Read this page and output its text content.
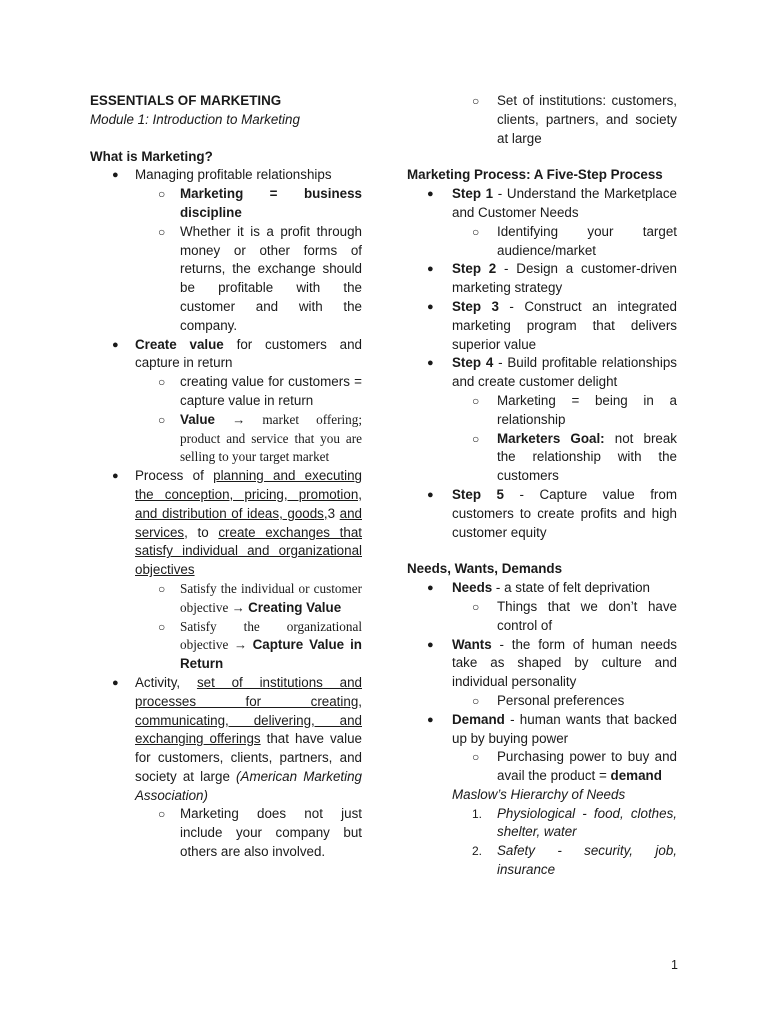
ESSENTIALS OF MARKETING
Module 1: Introduction to Marketing
What is Marketing?
● Managing profitable relationships
○ Marketing = business discipline
○ Whether it is a profit through money or other forms of returns, the exchange should be profitable with the customer and with the company.
● Create value for customers and capture in return
○ creating value for customers = capture value in return
○ Value → market offering; product and service that you are selling to your target market
● Process of planning and executing the conception, pricing, promotion, and distribution of ideas, goods,3 and services, to create exchanges that satisfy individual and organizational objectives
○ Satisfy the individual or customer objective → Creating Value
○ Satisfy the organizational objective → Capture Value in Return
● Activity, set of institutions and processes for creating, communicating, delivering, and exchanging offerings that have value for customers, clients, partners, and society at large (American Marketing Association)
○ Marketing does not just include your company but others are also involved.
○ Set of institutions: customers, clients, partners, and society at large
Marketing Process: A Five-Step Process
● Step 1 - Understand the Marketplace and Customer Needs
○ Identifying your target audience/market
● Step 2 - Design a customer-driven marketing strategy
● Step 3 - Construct an integrated marketing program that delivers superior value
● Step 4 - Build profitable relationships and create customer delight
○ Marketing = being in a relationship
○ Marketers Goal: not break the relationship with the customers
● Step 5 - Capture value from customers to create profits and high customer equity
Needs, Wants, Demands
● Needs - a state of felt deprivation
○ Things that we don’t have control of
● Wants - the form of human needs take as shaped by culture and individual personality
○ Personal preferences
● Demand - human wants that backed up by buying power
○ Purchasing power to buy and avail the product = demand
Maslow’s Hierarchy of Needs
1. Physiological - food, clothes, shelter, water
2. Safety - security, job, insurance
1
